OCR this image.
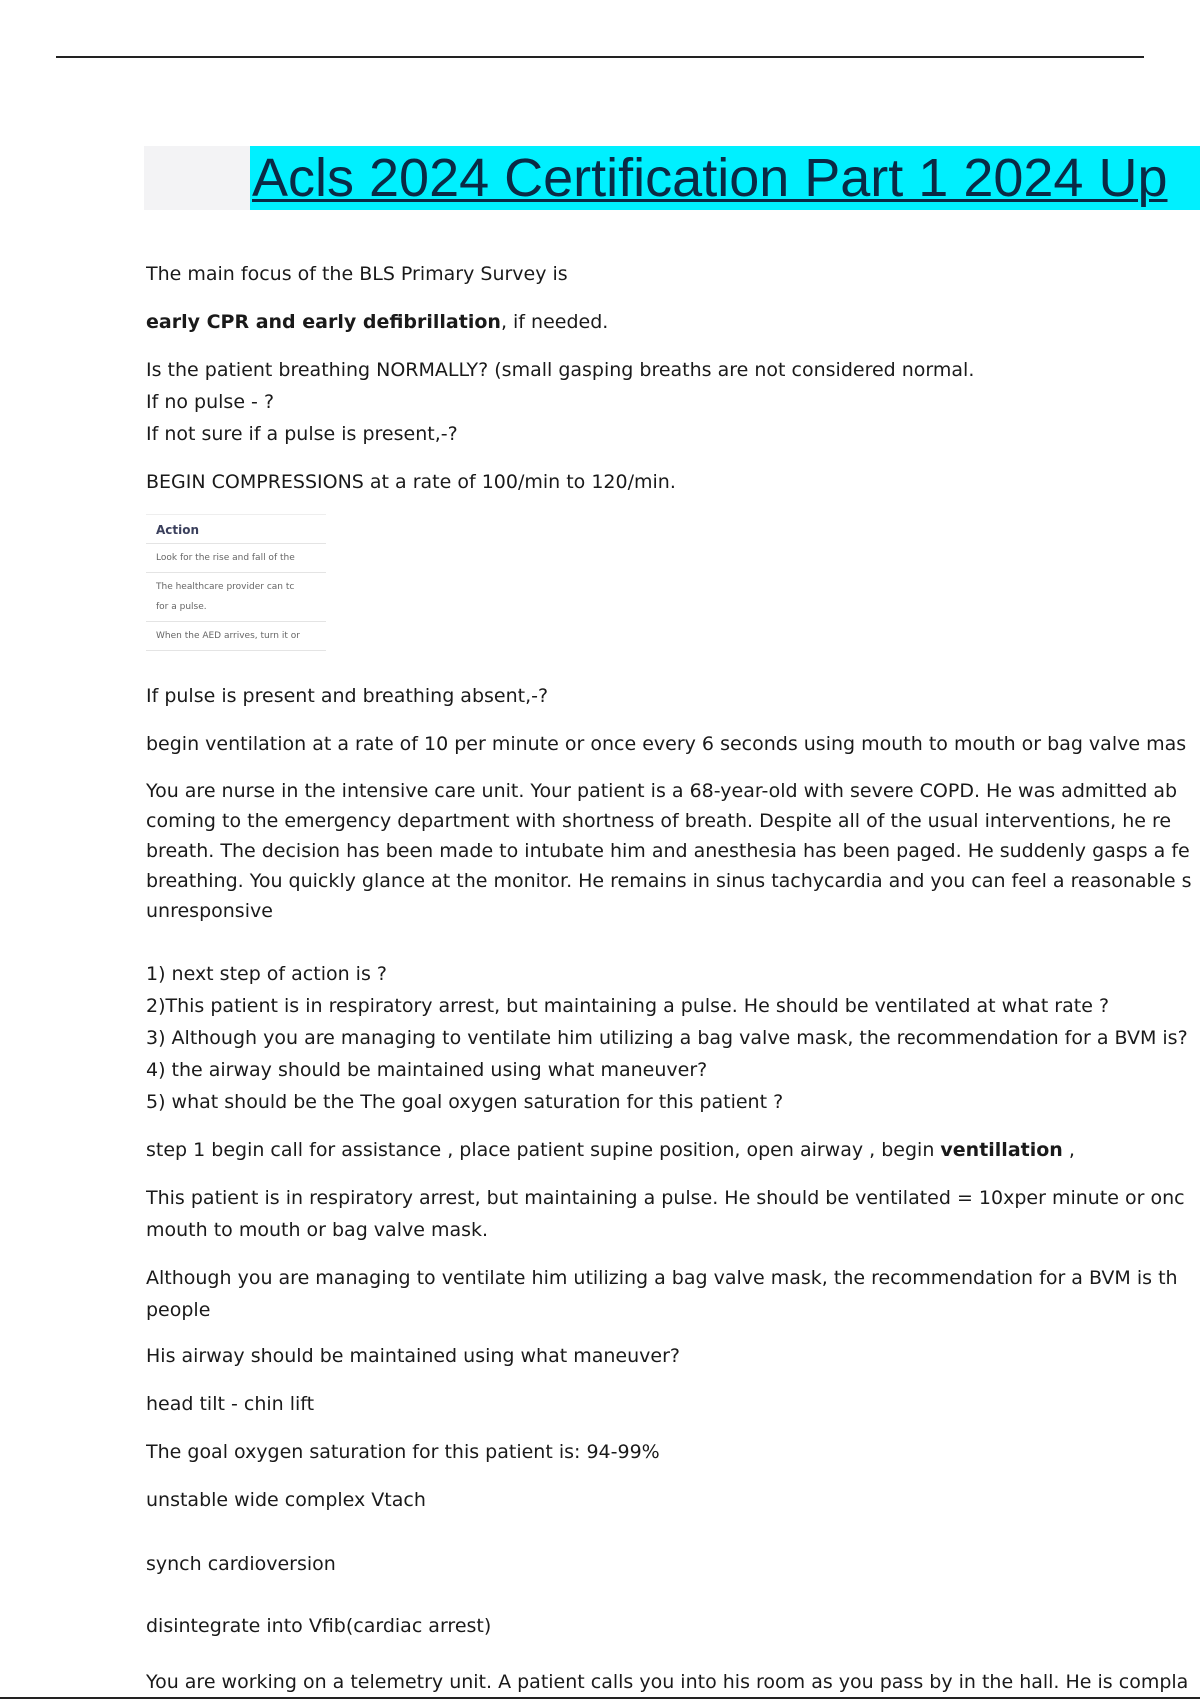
Acls 2024 Certification Part 1 2024 Up

The main focus of the BLS Primary Survey is

early CPR and early defibrillation, if needed.

Is the patient breathing NORMALLY? (small gasping breaths are not considered normal.

If no pulse - ?

If not sure if a pulse is present,-?

BEGIN COMPRESSIONS at a rate of 100/min to 120/min.

If pulse is present and breathing absent,-?

begin ventilation at a rate of 10 per minute or once every 6 seconds using mouth to mouth or bag valve mas

You are nurse in the intensive care unit. Your patient is a 68-year-old with severe COPD. He was admitted ab

coming to the emergency department with shortness of breath. Despite all of the usual interventions, he re

breath. The decision has been made to intubate him and anesthesia has been paged. He suddenly gasps a fe

breathing. You quickly glance at the monitor. He remains in sinus tachycardia and you can feel a reasonable s

unresponsive

1) next step of action is ?

2)This patient is in respiratory arrest, but maintaining a pulse. He should be ventilated at what rate ?

3) Although you are managing to ventilate him utilizing a bag valve mask, the recommendation for a BVM is?

4) the airway should be maintained using what maneuver?

5) what should be the The goal oxygen saturation for this patient ?

step 1 begin call for assistance , place patient supine position, open airway , begin ventillation ,

This patient is in respiratory arrest, but maintaining a pulse. He should be ventilated = 10xper minute or onc

mouth to mouth or bag valve mask.

Although you are managing to ventilate him utilizing a bag valve mask, the recommendation for a BVM is th

people

His airway should be maintained using what maneuver?

head tilt - chin lift

The goal oxygen saturation for this patient is: 94-99%

unstable wide complex Vtach

synch cardioversion

disintegrate into Vfib(cardiac arrest)

You are working on a telemetry unit. A patient calls you into his room as you pass by in the hall. He is compla

Action
Look for the rise and fall of the
The healthcare provider can tc
for a pulse.
When the AED arrives, turn it or
